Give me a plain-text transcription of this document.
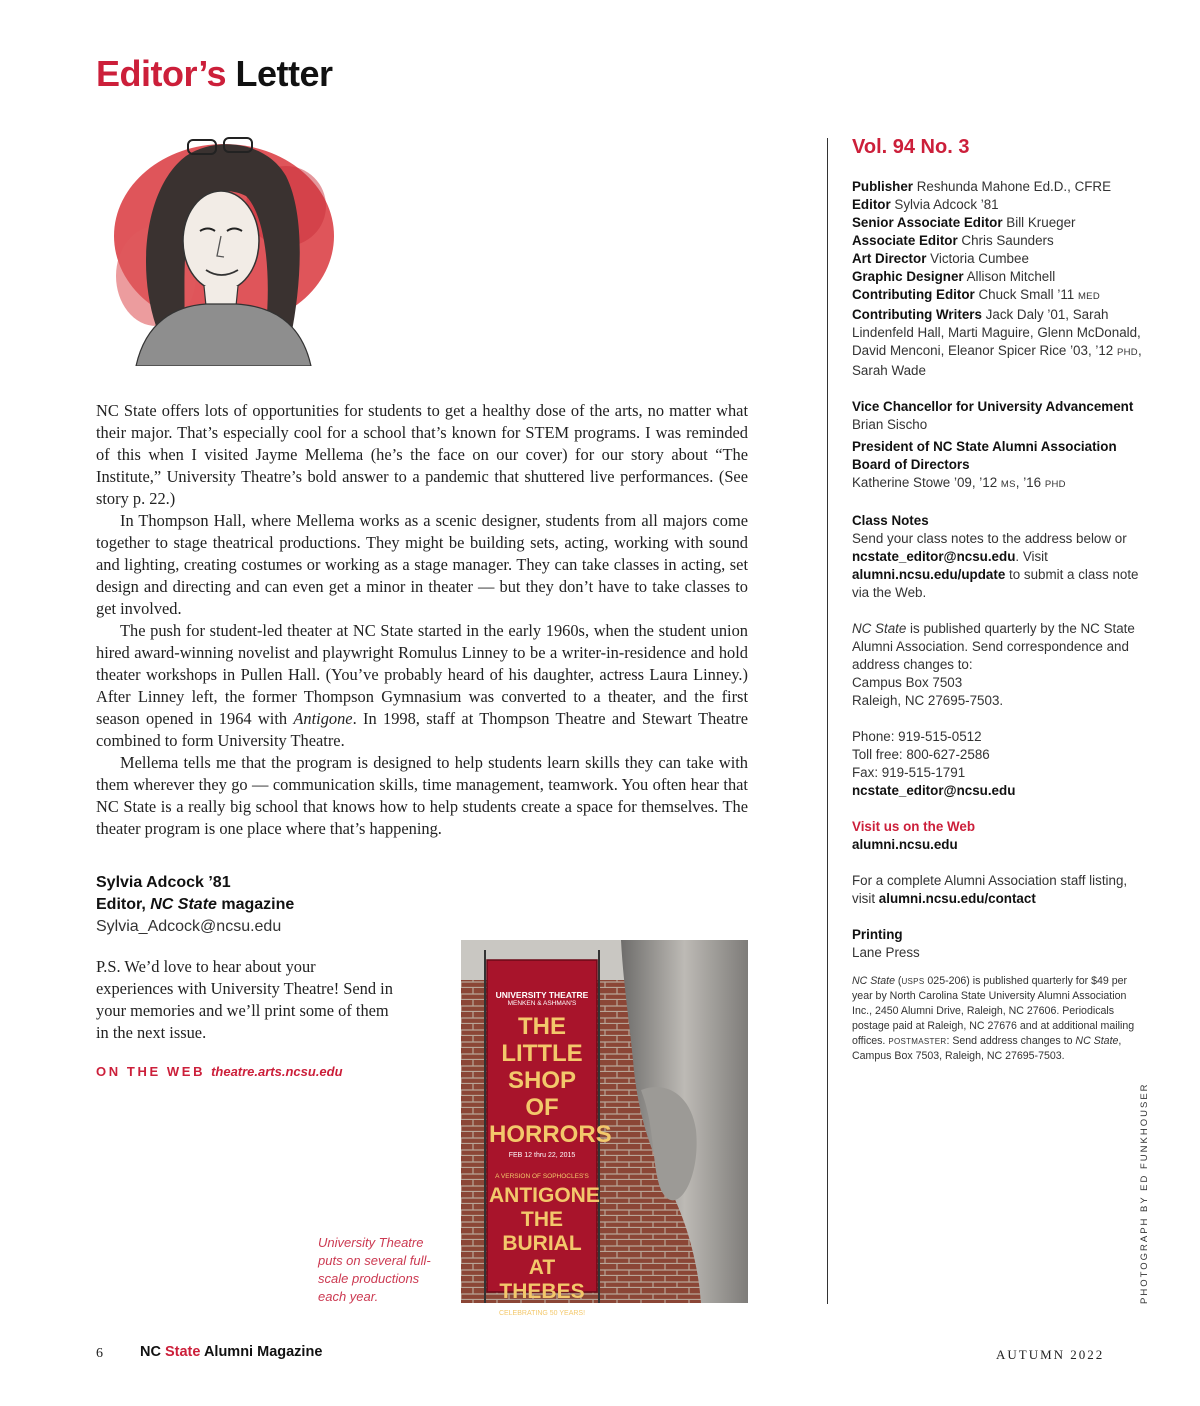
Editor’s Letter

NC State offers lots of opportunities for students to get a healthy dose of the arts, no matter what their major. That’s especially cool for a school that’s known for STEM programs. I was reminded of this when I visited Jayme Mellema (he’s the face on our cover) for our story about “The Institute,” University Theatre’s bold answer to a pandemic that shuttered live performances. (See story p. 22.)

In Thompson Hall, where Mellema works as a scenic designer, students from all majors come together to stage theatrical productions. They might be building sets, acting, working with sound and lighting, creating costumes or working as a stage manager. They can take classes in acting, set design and directing and can even get a minor in theater — but they don’t have to take classes to get involved.

The push for student-led theater at NC State started in the early 1960s, when the student union hired award-winning novelist and playwright Romulus Linney to be a writer-in-residence and hold theater workshops in Pullen Hall. (You’ve probably heard of his daughter, actress Laura Linney.) After Linney left, the former Thompson Gymnasium was converted to a theater, and the first season opened in 1964 with Antigone. In 1998, staff at Thompson Theatre and Stewart Theatre combined to form University Theatre.

Mellema tells me that the program is designed to help students learn skills they can take with them wherever they go — communication skills, time management, teamwork. You often hear that NC State is a really big school that knows how to help students create a space for themselves. The theater program is one place where that’s happening.

Sylvia Adcock ’81
Editor, NC State magazine
Sylvia_Adcock@ncsu.edu
P.S. We’d love to hear about your experiences with University Theatre! Send in your memories and we’ll print some of them in the next issue.
ON THE WEB theatre.arts.ncsu.edu
University Theatre puts on several full-scale productions each year.
UNIVERSITY THEATRE
MENKEN & ASHMAN'S
THE LITTLE SHOP OF HORRORS
FEB 12 thru 22, 2015
A VERSION OF SOPHOCLES'S
ANTIGONE THE BURIAL AT THEBES
CELEBRATING 50 YEARS!
MAR 27 thru APR 19, 2015
Vol. 94 No. 3
Publisher Reshunda Mahone Ed.D., CFRE
Editor Sylvia Adcock ’81
Senior Associate Editor Bill Krueger
Associate Editor Chris Saunders
Art Director Victoria Cumbee
Graphic Designer Allison Mitchell
Contributing Editor Chuck Small ’11 MED
Contributing Writers Jack Daly ’01, Sarah Lindenfeld Hall, Marti Maguire, Glenn McDonald, David Menconi, Eleanor Spicer Rice ’03, ’12 PHD, Sarah Wade
Vice Chancellor for University Advancement Brian Sischo
President of NC State Alumni Association Board of Directors
Katherine Stowe ’09, ’12 MS, ’16 PHD
Class Notes
Send your class notes to the address below or ncstate_editor@ncsu.edu. Visit alumni.ncsu.edu/update to submit a class note via the Web.
NC State is published quarterly by the NC State Alumni Association. Send correspondence and address changes to:
Campus Box 7503
Raleigh, NC 27695-7503.
Phone: 919-515-0512
Toll free: 800-627-2586
Fax: 919-515-1791
ncstate_editor@ncsu.edu
Visit us on the Web
alumni.ncsu.edu
For a complete Alumni Association staff listing, visit alumni.ncsu.edu/contact
Printing
Lane Press
NC State (USPS 025-206) is published quarterly for $49 per year by North Carolina State University Alumni Association Inc., 2450 Alumni Drive, Raleigh, NC 27606. Periodicals postage paid at Raleigh, NC 27676 and at additional mailing offices. POSTMASTER: Send address changes to NC State, Campus Box 7503, Raleigh, NC 27695-7503.
PHOTOGRAPH BY ED FUNKHOUSER
6	NC State Alumni Magazine	AUTUMN 2022
